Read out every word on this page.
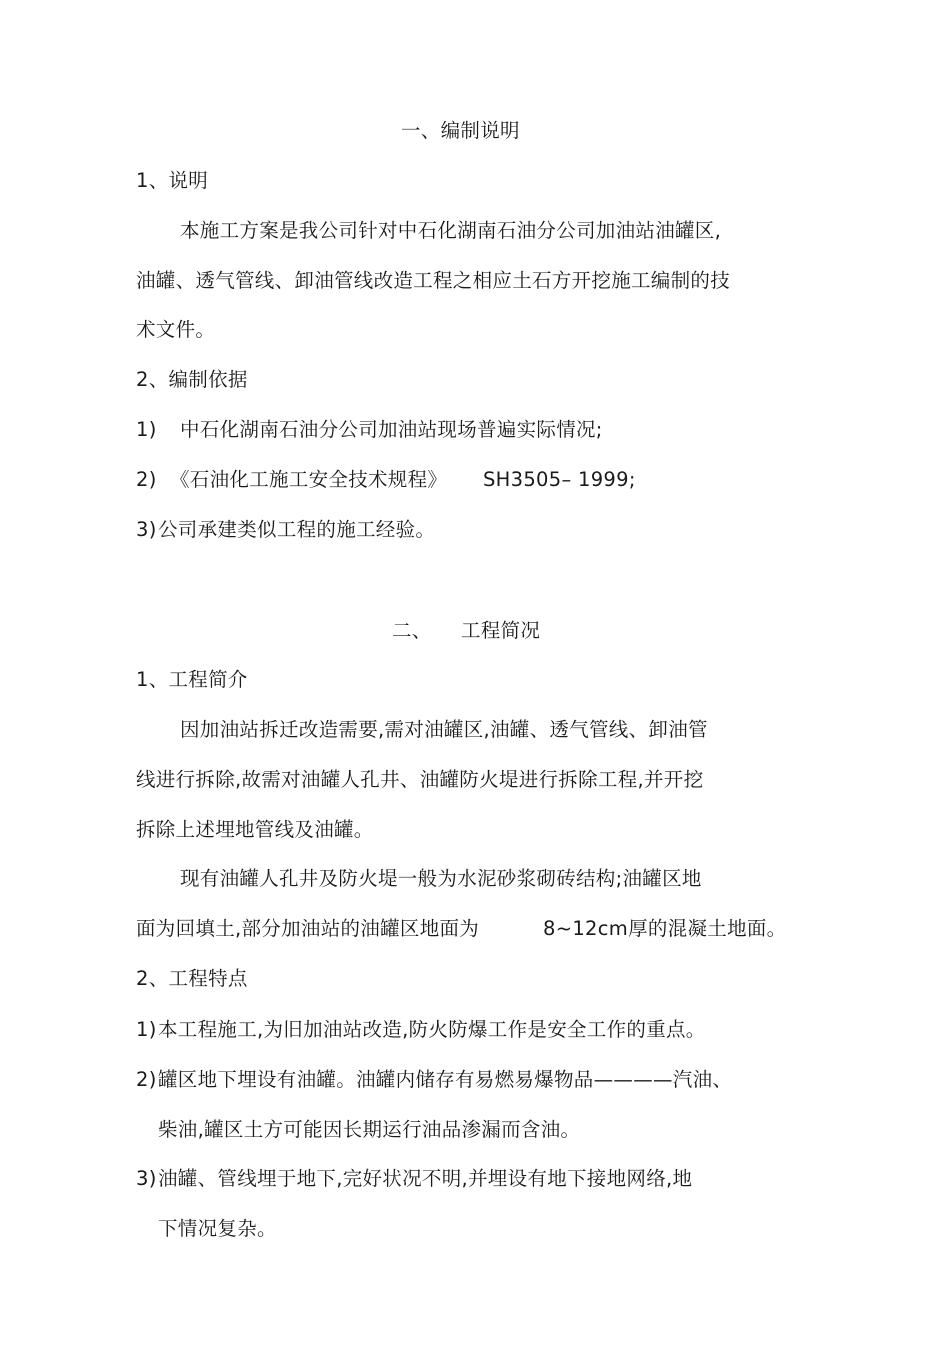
一、编制说明
1、说明
本施工方案是我公司针对中石化湖南石油分公司加油站油罐区,
油罐、透气管线、卸油管线改造工程之相应土石方开挖施工编制的技
术文件。
2、编制依据
1) 中石化湖南石油分公司加油站现场普遍实际情况;
2) 《石油化工施工安全技术规程》 SH3505– 1999;
3) 公司承建类似工程的施工经验。
二、 工程简况
1、工程简介
因加油站拆迁改造需要,需对油罐区,油罐、透气管线、卸油管
线进行拆除,故需对油罐人孔井、油罐防火堤进行拆除工程,并开挖
拆除上述埋地管线及油罐。
现有油罐人孔井及防火堤一般为水泥砂浆砌砖结构;油罐区地
面为回填土,部分加油站的油罐区地面为	8~12cm厚的混凝土地面。
2、工程特点
1) 本工程施工,为旧加油站改造,防火防爆工作是安全工作的重点。
2) 罐区地下埋设有油罐。油罐内储存有易燃易爆物品————汽油、
柴油,罐区土方可能因长期运行油品渗漏而含油。
3) 油罐、管线埋于地下,完好状况不明,并埋设有地下接地网络,地
下情况复杂。
